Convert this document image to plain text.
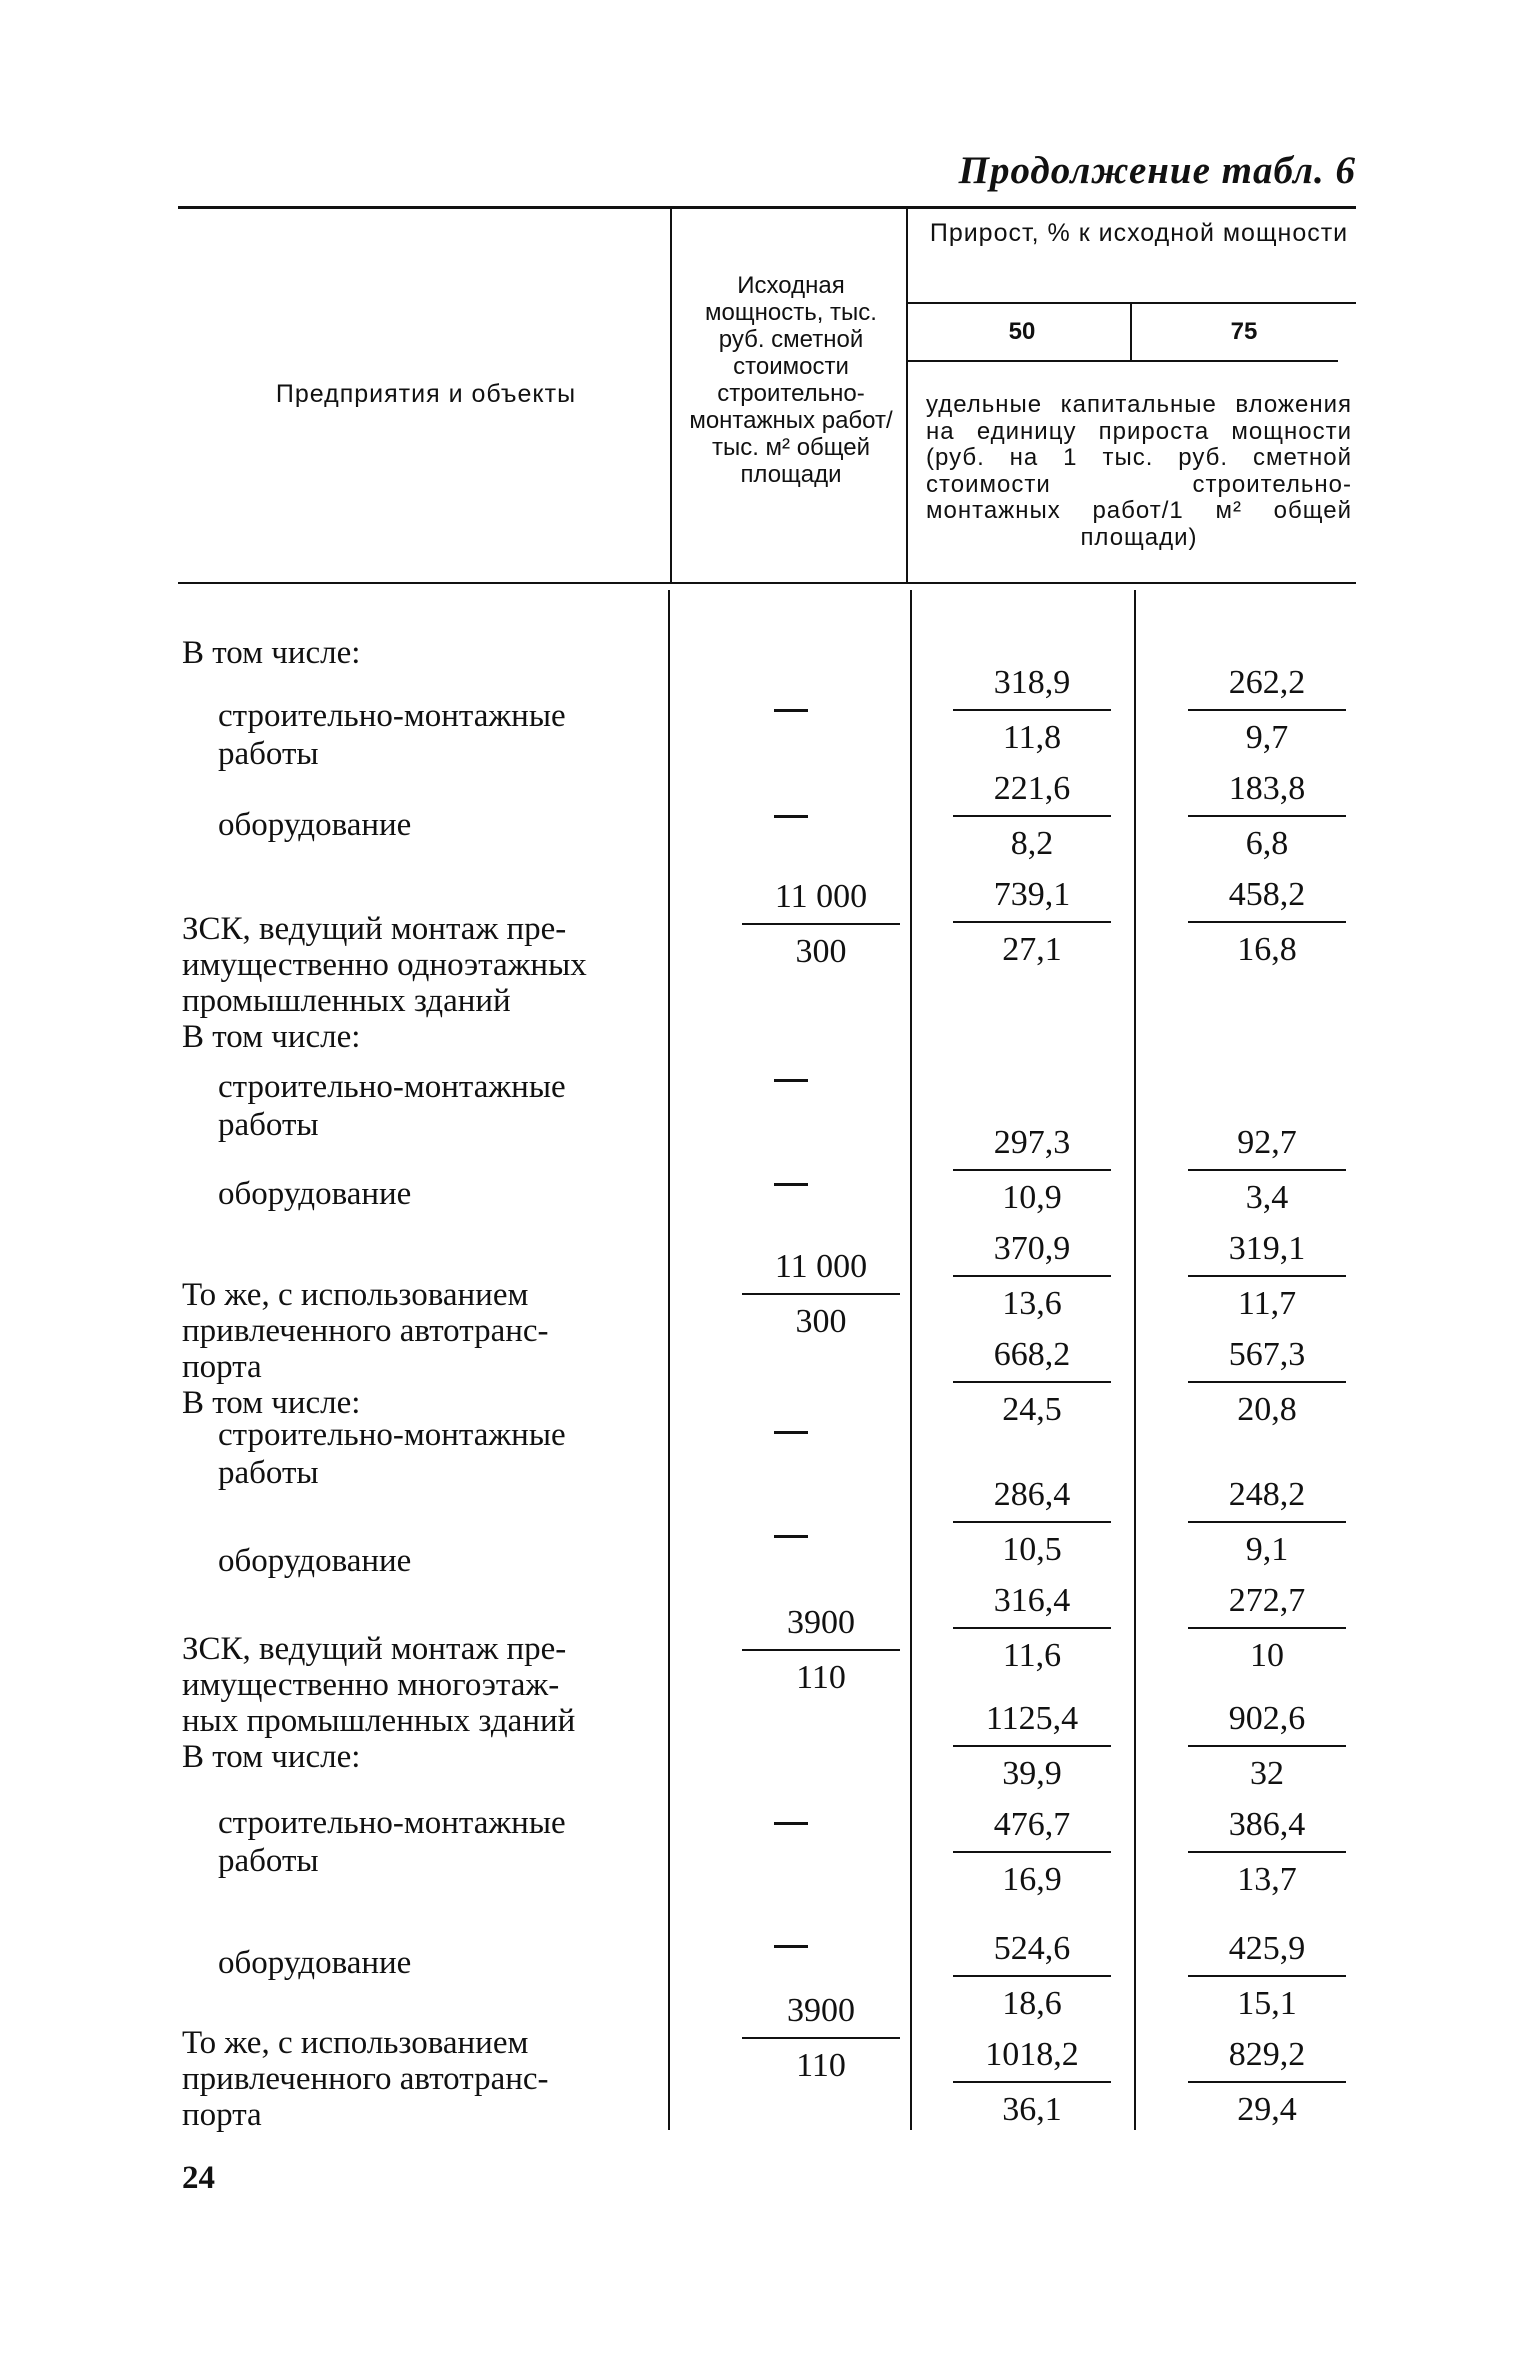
Продолжение табл. 6
Предприятия и объекты
Исходная мощность, тыс. руб. сметной стоимости строительно-монтажных работ/тыс. м² общей площади
Прирост, % к исходной мощности
50	75
удельные капитальные вложения на единицу прироста мощности (руб. на 1 тыс. руб. сметной стоимости строительно-монтажных работ/1 м² общей площади)
В том числе:
строительно-монтажные
работы
оборудование
ЗСК, ведущий монтаж пре-
имущественно одноэтажных
промышленных зданий
В том числе:
строительно-монтажные
работы
оборудование
То же, с использованием
привлеченного автотранс-
порта
В том числе:
строительно-монтажные
работы
оборудование
ЗСК, ведущий монтаж пре-
имущественно многоэтаж-
ных промышленных зданий
В том числе:
строительно-монтажные
работы
оборудование
То же, с использованием
привлеченного автотранс-
порта
11 000
300
11 000
300
3900
110
3900
110
318,9
11,8
262,2
9,7
221,6
8,2
183,8
6,8
739,1
27,1
458,2
16,8
297,3
10,9
92,7
3,4
370,9
13,6
319,1
11,7
668,2
24,5
567,3
20,8
286,4
10,5
248,2
9,1
316,4
11,6
272,7
10
1125,4
39,9
902,6
32
476,7
16,9
386,4
13,7
524,6
18,6
425,9
15,1
1018,2
36,1
829,2
29,4
24
